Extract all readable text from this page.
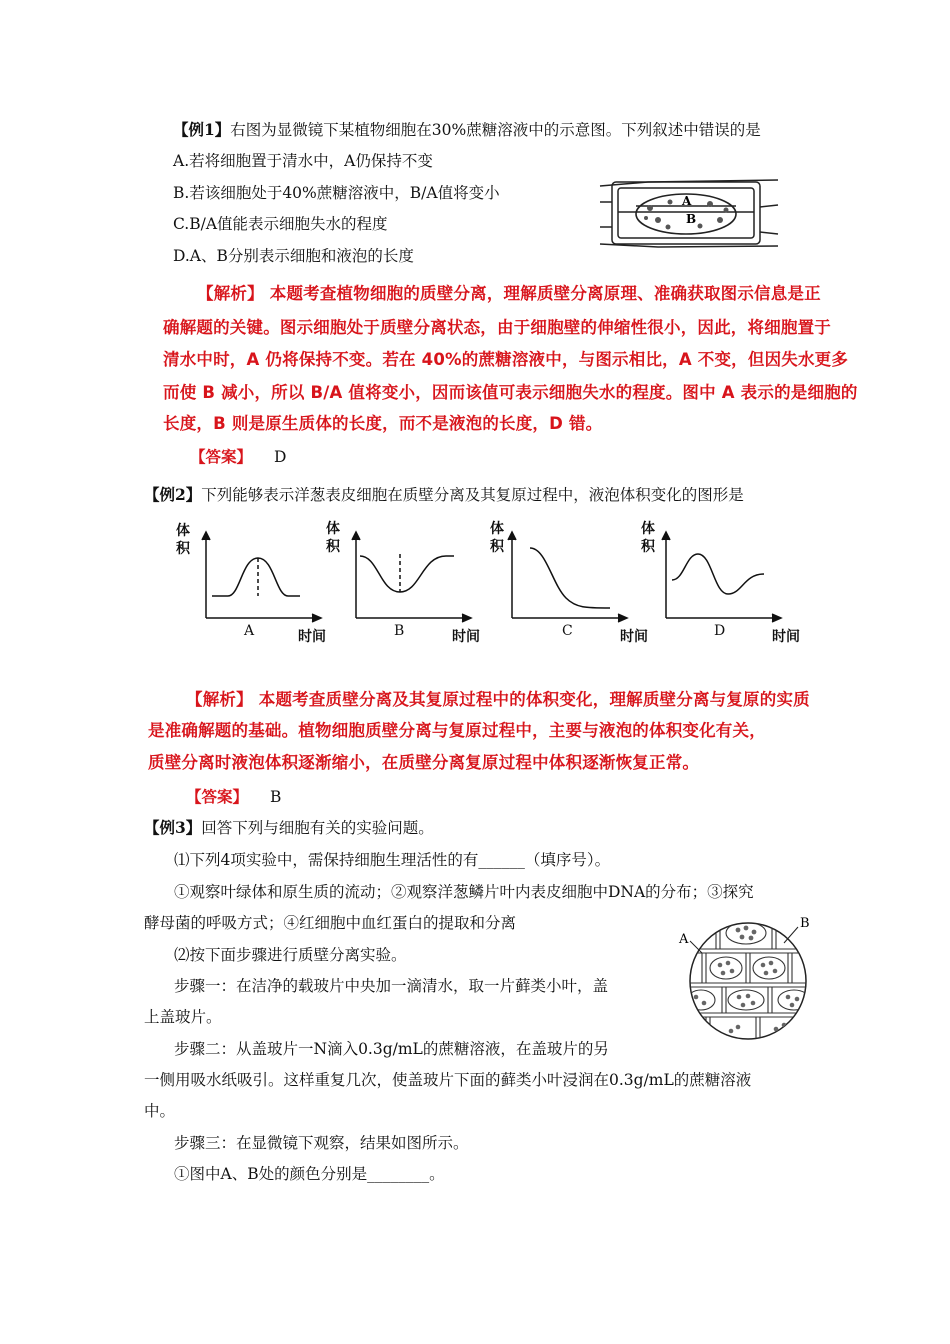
【例1】右图为显微镜下某植物细胞在30%蔗糖溶液中的示意图。下列叙述中错误的是
A.若将细胞置于清水中，A仍保持不变
B.若该细胞处于40%蔗糖溶液中，B/A值将变小
C.B/A值能表示细胞失水的程度
D.A、B分别表示细胞和液泡的长度
A
B
【解析】 本题考查植物细胞的质壁分离，理解质壁分离原理、准确获取图示信息是正
确解题的关键。图示细胞处于质壁分离状态，由于细胞壁的伸缩性很小，因此，将细胞置于
清水中时，A 仍将保持不变。若在 40%的蔗糖溶液中，与图示相比，A 不变，但因失水更多
而使 B 减小，所以 B/A 值将变小，因而该值可表示细胞失水的程度。图中 A 表示的是细胞的
长度，B 则是原生质体的长度，而不是液泡的长度，D 错。
【答案】 D
【例2】下列能够表示洋葱表皮细胞在质壁分离及其复原过程中，液泡体积变化的图形是
体
积
A	时间
体
积
B	时间
体
积
C	时间
体
积
D	时间
【解析】 本题考查质壁分离及其复原过程中的体积变化，理解质壁分离与复原的实质
是准确解题的基础。植物细胞质壁分离与复原过程中，主要与液泡的体积变化有关，
质壁分离时液泡体积逐渐缩小，在质壁分离复原过程中体积逐渐恢复正常。
【答案】 B
【例3】回答下列与细胞有关的实验问题。
⑴下列4项实验中，需保持细胞生理活性的有______（填序号）。
①观察叶绿体和原生质的流动；②观察洋葱鳞片叶内表皮细胞中DNA的分布；③探究
酵母菌的呼吸方式；④红细胞中血红蛋白的提取和分离
⑵按下面步骤进行质壁分离实验。
步骤一：在洁净的载玻片中央加一滴清水，取一片藓类小叶，盖
上盖玻片。
步骤二：从盖玻片一N滴入0.3g/mL的蔗糖溶液，在盖玻片的另
一侧用吸水纸吸引。这样重复几次，使盖玻片下面的藓类小叶浸润在0.3g/mL的蔗糖溶液
中。
步骤三：在显微镜下观察，结果如图所示。
①图中A、B处的颜色分别是________。
A
B
